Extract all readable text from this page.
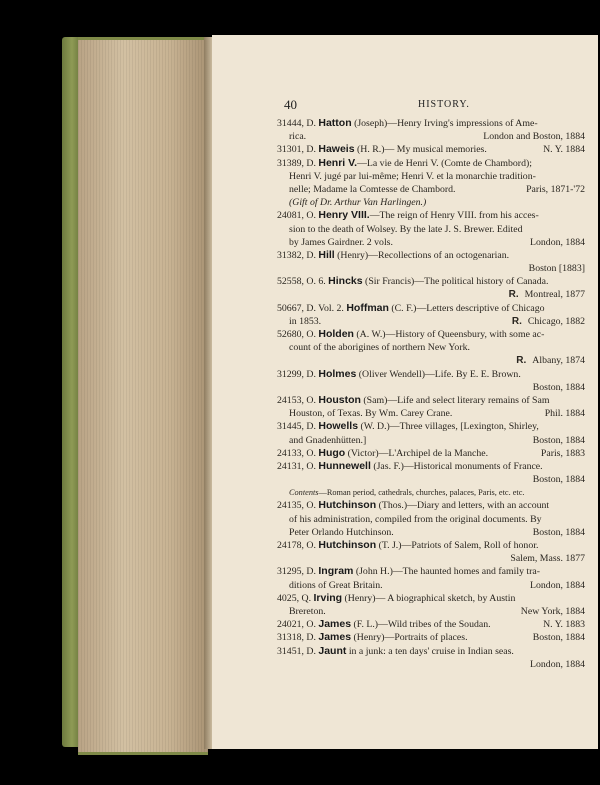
40	HISTORY.
31444, D. Hatton (Joseph)—Henry Irving's impressions of Ame-
rica.	London and Boston, 1884
31301, D. Haweis (H. R.)— My musical memories.	N. Y. 1884
31389, D. Henri V.—La vie de Henri V. (Comte de Chambord);
Henri V. jugé par lui-même; Henri V. et la monarchie tradition-
nelle; Madame la Comtesse de Chambord.	Paris, 1871-'72
(Gift of Dr. Arthur Van Harlingen.)
24081, O. Henry VIII.—The reign of Henry VIII. from his acces-
sion to the death of Wolsey. By the late J. S. Brewer. Edited
by James Gairdner. 2 vols.	London, 1884
31382, D. Hill (Henry)—Recollections of an octogenarian.
Boston [1883]
52558, O. 6. Hincks (Sir Francis)—The political history of Canada.
R. Montreal, 1877
50667, D. Vol. 2. Hoffman (C. F.)—Letters descriptive of Chicago
in 1853.	R. Chicago, 1882
52680, O. Holden (A. W.)—History of Queensbury, with some ac-
count of the aborigines of northern New York.
R. Albany, 1874
31299, D. Holmes (Oliver Wendell)—Life. By E. E. Brown.
Boston, 1884
24153, O. Houston (Sam)—Life and select literary remains of Sam
Houston, of Texas. By Wm. Carey Crane.	Phil. 1884
31445, D. Howells (W. D.)—Three villages, [Lexington, Shirley,
and Gnadenhütten.]	Boston, 1884
24133, O. Hugo (Victor)—L'Archipel de la Manche.	Paris, 1883
24131, O. Hunnewell (Jas. F.)—Historical monuments of France.
Boston, 1884
Contents—Roman period, cathedrals, churches, palaces, Paris, etc. etc.
24135, O. Hutchinson (Thos.)—Diary and letters, with an account
of his administration, compiled from the original documents. By
Peter Orlando Hutchinson.	Boston, 1884
24178, O. Hutchinson (T. J.)—Patriots of Salem, Roll of honor.
Salem, Mass. 1877
31295, D. Ingram (John H.)—The haunted homes and family tra-
ditions of Great Britain.	London, 1884
4025, Q. Irving (Henry)— A biographical sketch, by Austin
Brereton.	New York, 1884
24021, O. James (F. L.)—Wild tribes of the Soudan.	N. Y. 1883
31318, D. James (Henry)—Portraits of places.	Boston, 1884
31451, D. Jaunt in a junk: a ten days' cruise in Indian seas.
London, 1884
